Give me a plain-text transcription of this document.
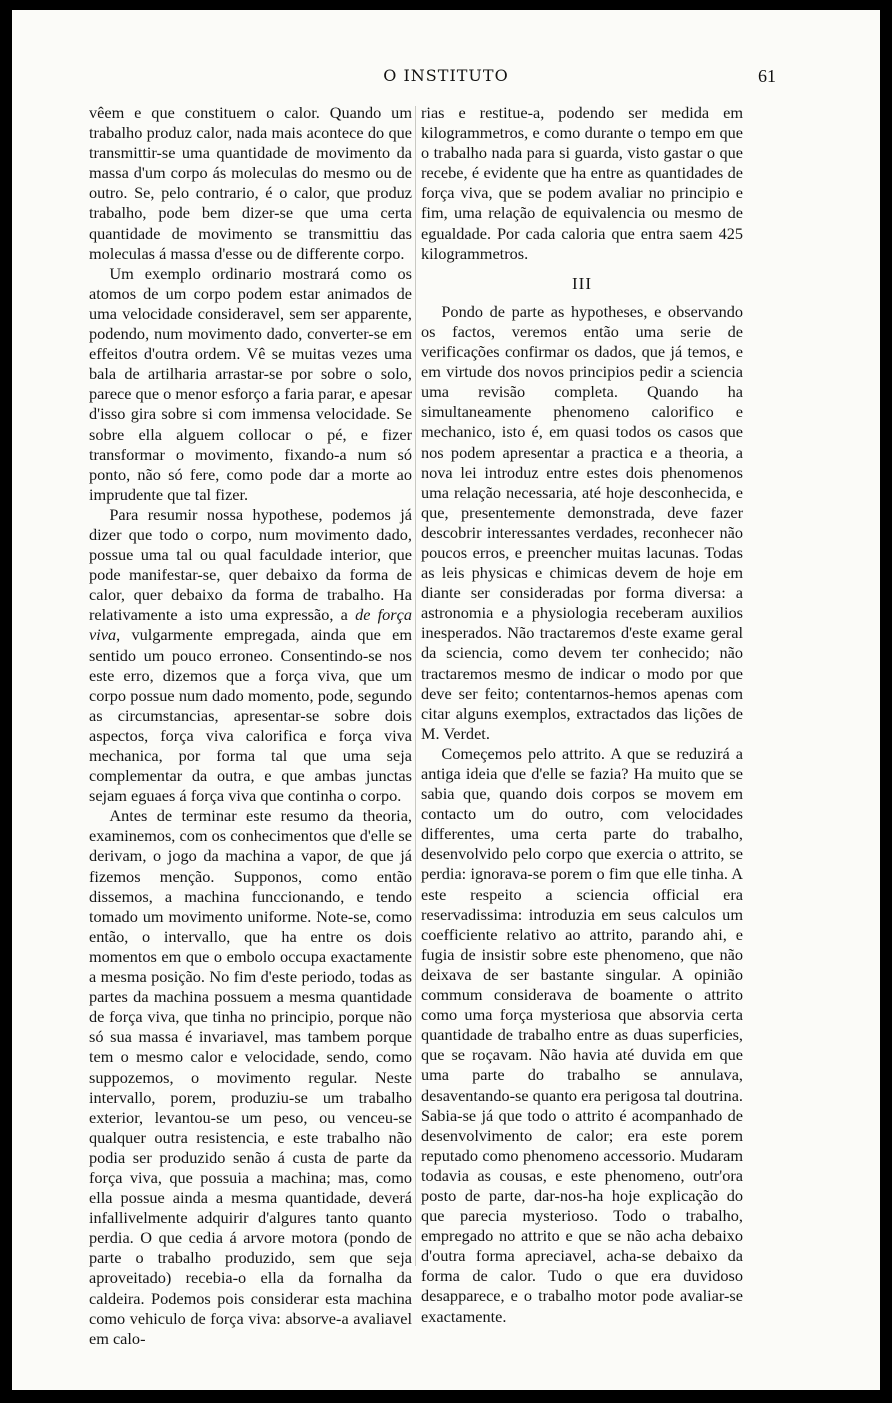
O INSTITUTO	61

vêem e que constituem o calor. Quando um trabalho produz calor, nada mais acontece do que transmittir-se uma quantidade de movimento da massa d'um corpo ás moleculas do mesmo ou de outro. Se, pelo contrario, é o calor, que produz trabalho, pode bem dizer-se que uma certa quantidade de movimento se transmittiu das moleculas á massa d'esse ou de differente corpo.

Um exemplo ordinario mostrará como os atomos de um corpo podem estar animados de uma velocidade consideravel, sem ser apparente, podendo, num movimento dado, converter-se em effeitos d'outra ordem. Vê se muitas vezes uma bala de artilharia arrastar-se por sobre o solo, parece que o menor esforço a faria parar, e apesar d'isso gira sobre si com immensa velocidade. Se sobre ella alguem collocar o pé, e fizer transformar o movimento, fixando-a num só ponto, não só fere, como pode dar a morte ao imprudente que tal fizer.

Para resumir nossa hypothese, podemos já dizer que todo o corpo, num movimento dado, possue uma tal ou qual faculdade interior, que pode manifestar-se, quer debaixo da forma de calor, quer debaixo da forma de trabalho. Ha relativamente a isto uma expressão, a de força viva, vulgarmente empregada, ainda que em sentido um pouco erroneo. Consentindo-se nos este erro, dizemos que a força viva, que um corpo possue num dado momento, pode, segundo as circumstancias, apresentar-se sobre dois aspectos, força viva calorifica e força viva mechanica, por forma tal que uma seja complementar da outra, e que ambas junctas sejam eguaes á força viva que continha o corpo.

Antes de terminar este resumo da theoria, examinemos, com os conhecimentos que d'elle se derivam, o jogo da machina a vapor, de que já fizemos menção. Supponos, como então dissemos, a machina funccionando, e tendo tomado um movimento uniforme. Note-se, como então, o intervallo, que ha entre os dois momentos em que o embolo occupa exactamente a mesma posição. No fim d'este periodo, todas as partes da machina possuem a mesma quantidade de força viva, que tinha no principio, porque não só sua massa é invariavel, mas tambem porque tem o mesmo calor e velocidade, sendo, como suppozemos, o movimento regular. Neste intervallo, porem, produziu-se um trabalho exterior, levantou-se um peso, ou venceu-se qualquer outra resistencia, e este trabalho não podia ser produzido senão á custa de parte da força viva, que possuia a machina; mas, como ella possue ainda a mesma quantidade, deverá infallivelmente adquirir d'algures tanto quanto perdia. O que cedia á arvore motora (pondo de parte o trabalho produzido, sem que seja aproveitado) recebia-o ella da fornalha da caldeira. Podemos pois considerar esta machina como vehiculo de força viva: absorve-a avaliavel em calo-

rias e restitue-a, podendo ser medida em kilogrammetros, e como durante o tempo em que o trabalho nada para si guarda, visto gastar o que recebe, é evidente que ha entre as quantidades de força viva, que se podem avaliar no principio e fim, uma relação de equivalencia ou mesmo de egualdade. Por cada caloria que entra saem 425 kilogrammetros.

III

Pondo de parte as hypotheses, e observando os factos, veremos então uma serie de verificações confirmar os dados, que já temos, e em virtude dos novos principios pedir a sciencia uma revisão completa. Quando ha simultaneamente phenomeno calorifico e mechanico, isto é, em quasi todos os casos que nos podem apresentar a practica e a theoria, a nova lei introduz entre estes dois phenomenos uma relação necessaria, até hoje desconhecida, e que, presentemente demonstrada, deve fazer descobrir interessantes verdades, reconhecer não poucos erros, e preencher muitas lacunas. Todas as leis physicas e chimicas devem de hoje em diante ser consideradas por forma diversa: a astronomia e a physiologia receberam auxilios inesperados. Não tractaremos d'este exame geral da sciencia, como devem ter conhecido; não tractaremos mesmo de indicar o modo por que deve ser feito; contentarnos-hemos apenas com citar alguns exemplos, extractados das lições de M. Verdet.

Começemos pelo attrito. A que se reduzirá a antiga ideia que d'elle se fazia? Ha muito que se sabia que, quando dois corpos se movem em contacto um do outro, com velocidades differentes, uma certa parte do trabalho, desenvolvido pelo corpo que exercia o attrito, se perdia: ignorava-se porem o fim que elle tinha. A este respeito a sciencia official era reservadissima: introduzia em seus calculos um coefficiente relativo ao attrito, parando ahi, e fugia de insistir sobre este phenomeno, que não deixava de ser bastante singular. A opinião commum considerava de boamente o attrito como uma força mysteriosa que absorvia certa quantidade de trabalho entre as duas superficies, que se roçavam. Não havia até duvida em que uma parte do trabalho se annulava, desaventando-se quanto era perigosa tal doutrina. Sabia-se já que todo o attrito é acompanhado de desenvolvimento de calor; era este porem reputado como phenomeno accessorio. Mudaram todavia as cousas, e este phenomeno, outr'ora posto de parte, dar-nos-ha hoje explicação do que parecia mysterioso. Todo o trabalho, empregado no attrito e que se não acha debaixo d'outra forma apreciavel, acha-se debaixo da forma de calor. Tudo o que era duvidoso desapparece, e o trabalho motor pode avaliar-se exactamente.
